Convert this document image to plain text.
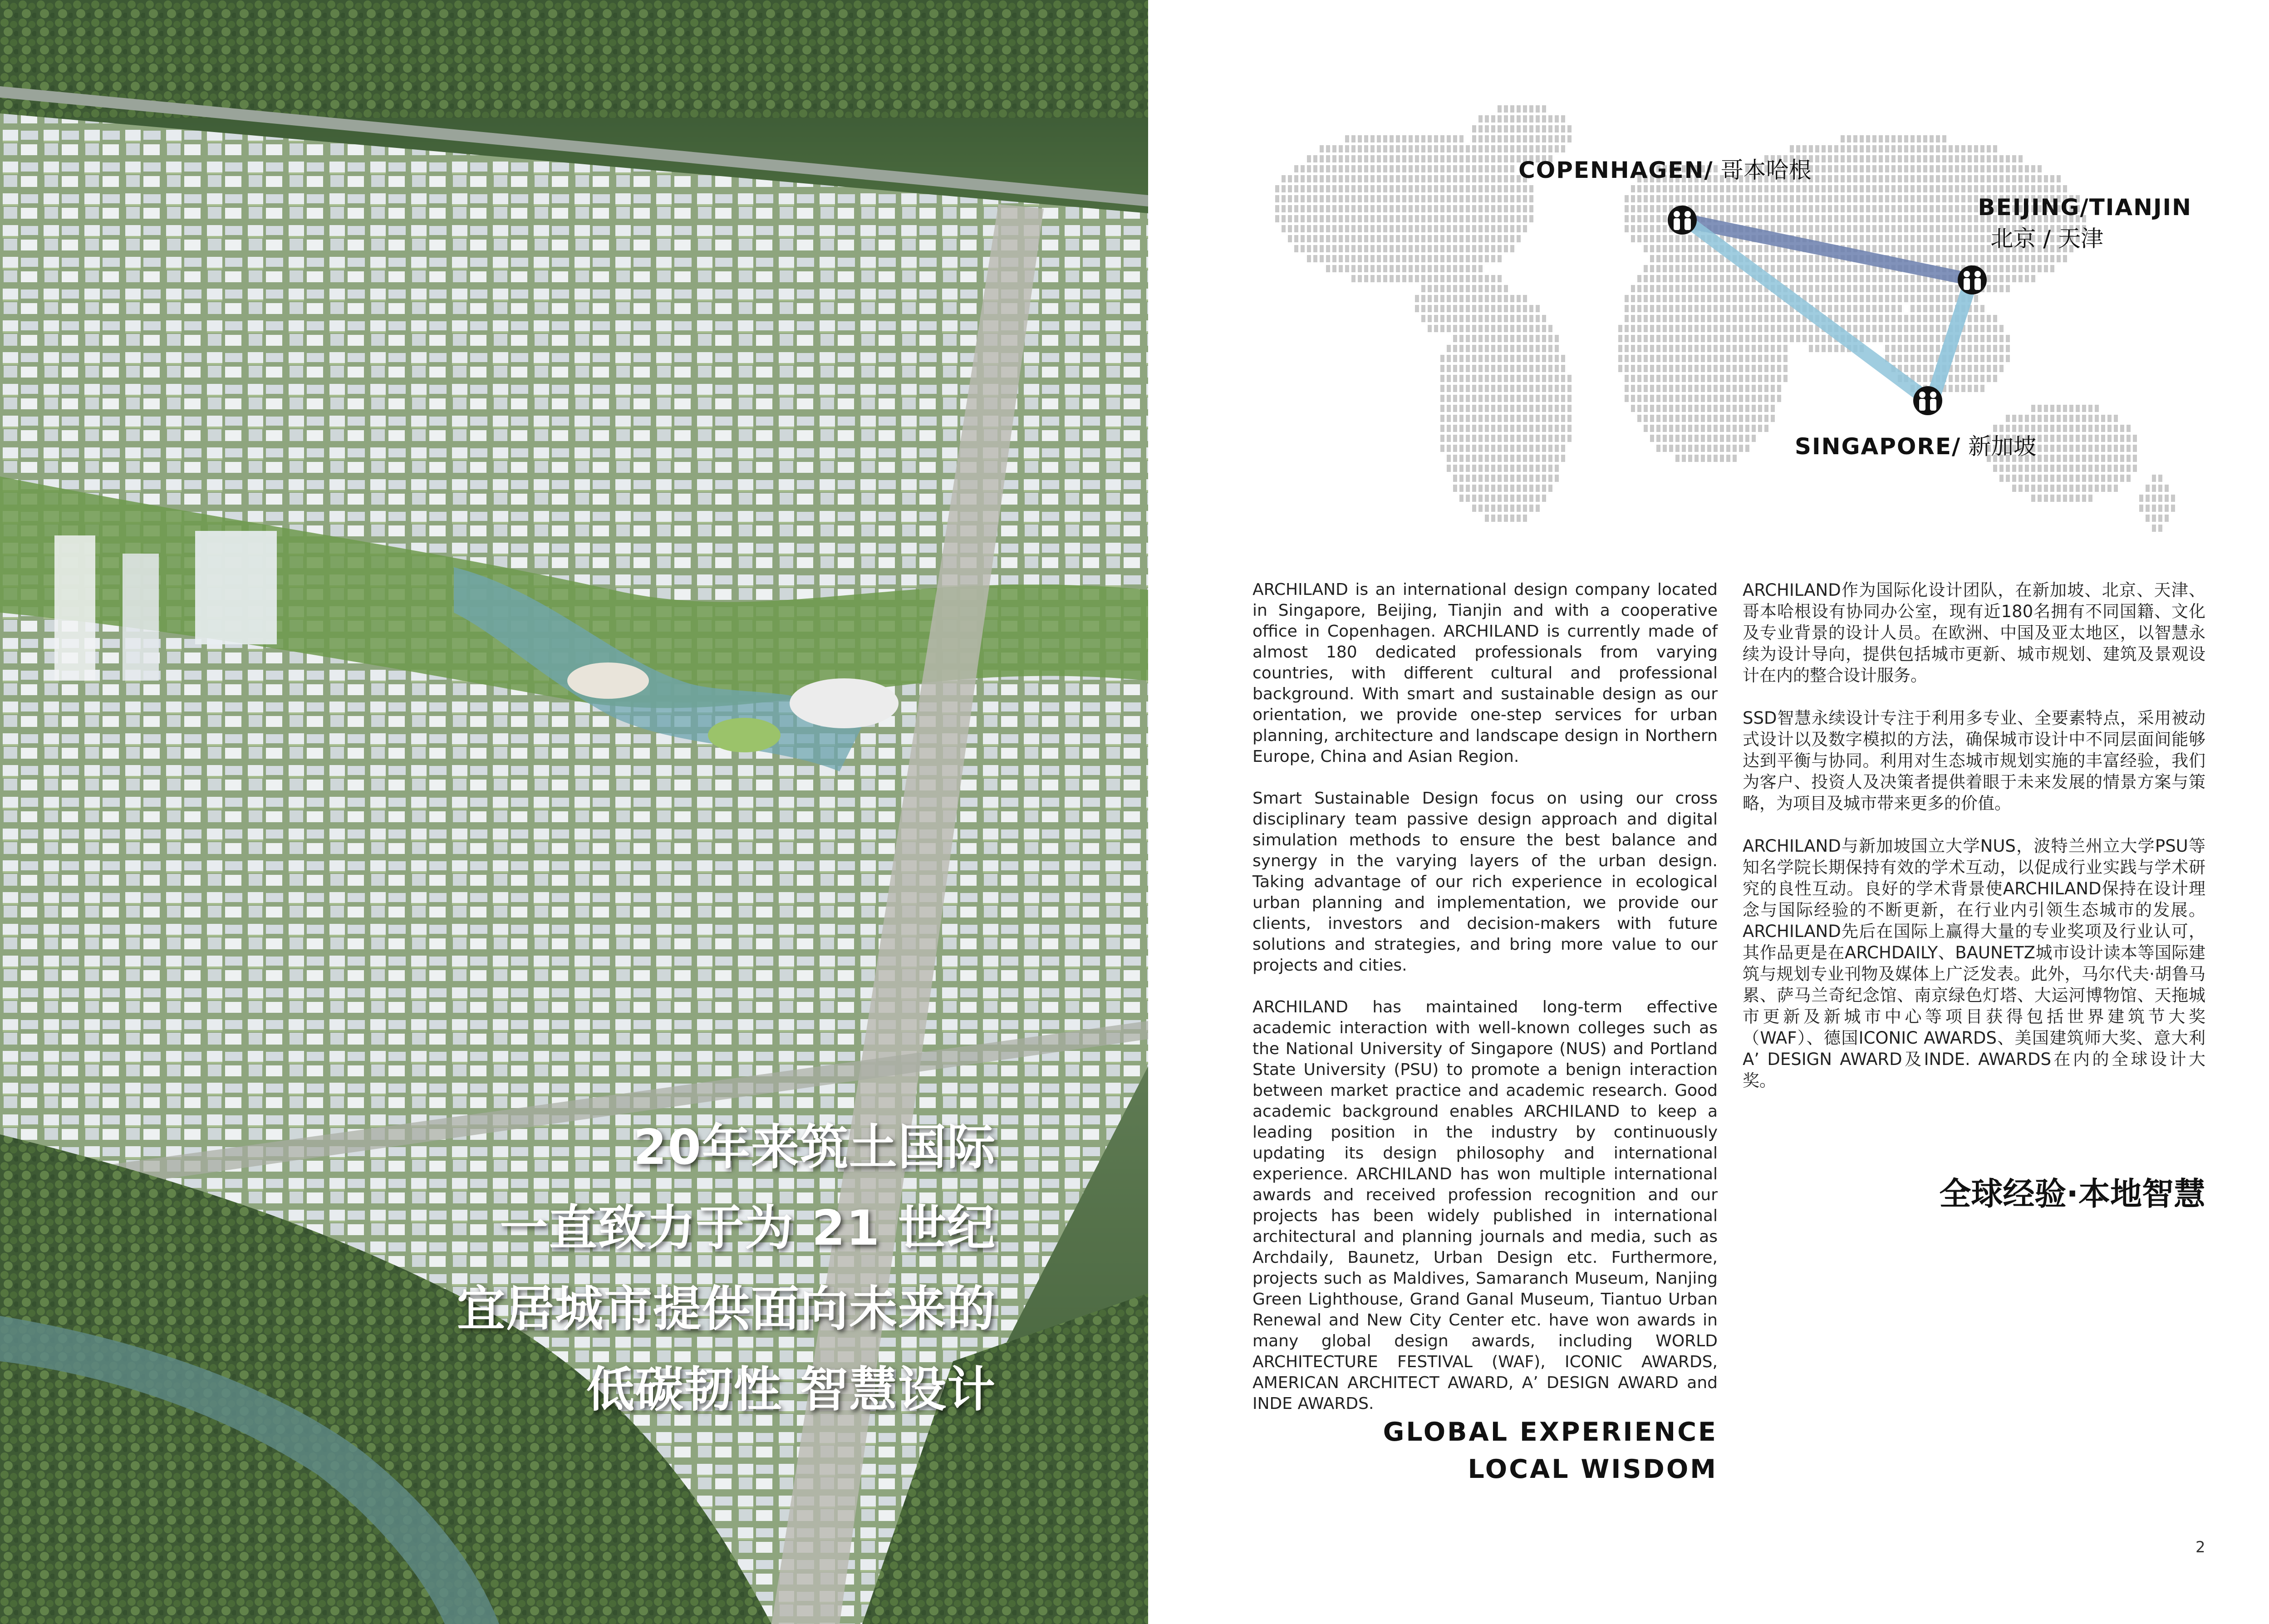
20年来筑土国际
一直致力于为 21 世纪
宜居城市提供面向未来的
低碳韧性 智慧设计
COPENHAGEN/ 哥本哈根
BEIJING/TIANJIN
北京 / 天津
SINGAPORE/ 新加坡

ARCHILAND is an international design company located in Singapore, Beijing, Tianjin and with a cooperative office in Copenhagen. ARCHILAND is currently made of almost 180 dedicated professionals from varying countries, with different cultural and professional background. With smart and sustainable design as our orientation, we provide one-step services for urban planning, architecture and landscape design in Northern Europe, China and Asian Region.

Smart Sustainable Design focus on using our cross disciplinary team passive design approach and digital simulation methods to ensure the best balance and synergy in the varying layers of the urban design. Taking advantage of our rich experience in ecological urban planning and implementation, we provide our clients, investors and decision-makers with future solutions and strategies, and bring more value to our projects and cities.

ARCHILAND has maintained long-term effective academic interaction with well-known colleges such as the National University of Singapore (NUS) and Portland State University (PSU) to promote a benign interaction between market practice and academic research. Good academic background enables ARCHILAND to keep a leading position in the industry by continuously updating its design philosophy and international experience. ARCHILAND has won multiple international awards and received profession recognition and our projects has been widely published in international architectural and planning journals and media, such as Archdaily, Baunetz, Urban Design etc. Furthermore, projects such as Maldives, Samaranch Museum, Nanjing Green Lighthouse, Grand Ganal Museum, Tiantuo Urban Renewal and New City Center etc. have won awards in many global design awards, including WORLD ARCHITECTURE FESTIVAL (WAF), ICONIC AWARDS, AMERICAN ARCHITECT AWARD, A’ DESIGN AWARD and INDE AWARDS.

GLOBAL EXPERIENCE
LOCAL WISDOM

ARCHILAND作为国际化设计团队，在新加坡、北京、天津、哥本哈根设有协同办公室，现有近180名拥有不同国籍、文化及专业背景的设计人员。在欧洲、中国及亚太地区，以智慧永续为设计导向，提供包括城市更新、城市规划、建筑及景观设计在内的整合设计服务。

SSD智慧永续设计专注于利用多专业、全要素特点，采用被动式设计以及数字模拟的方法，确保城市设计中不同层面间能够达到平衡与协同。利用对生态城市规划实施的丰富经验，我们为客户、投资人及决策者提供着眼于未来发展的情景方案与策略，为项目及城市带来更多的价值。

ARCHILAND与新加坡国立大学NUS，波特兰州立大学PSU等知名学院长期保持有效的学术互动，以促成行业实践与学术研究的良性互动。良好的学术背景使ARCHILAND保持在设计理念与国际经验的不断更新，在行业内引领生态城市的发展。ARCHILAND先后在国际上赢得大量的专业奖项及行业认可，其作品更是在ARCHDAILY、BAUNETZ城市设计读本等国际建筑与规划专业刊物及媒体上广泛发表。此外，马尔代夫·胡鲁马累、萨马兰奇纪念馆、南京绿色灯塔、大运河博物馆、天拖城市更新及新城市中心等项目获得包括世界建筑节大奖（WAF）、德国ICONIC AWARDS、美国建筑师大奖、意大利A’ DESIGN AWARD及INDE. AWARDS在内的全球设计大奖。

全球经验·本地智慧
2
